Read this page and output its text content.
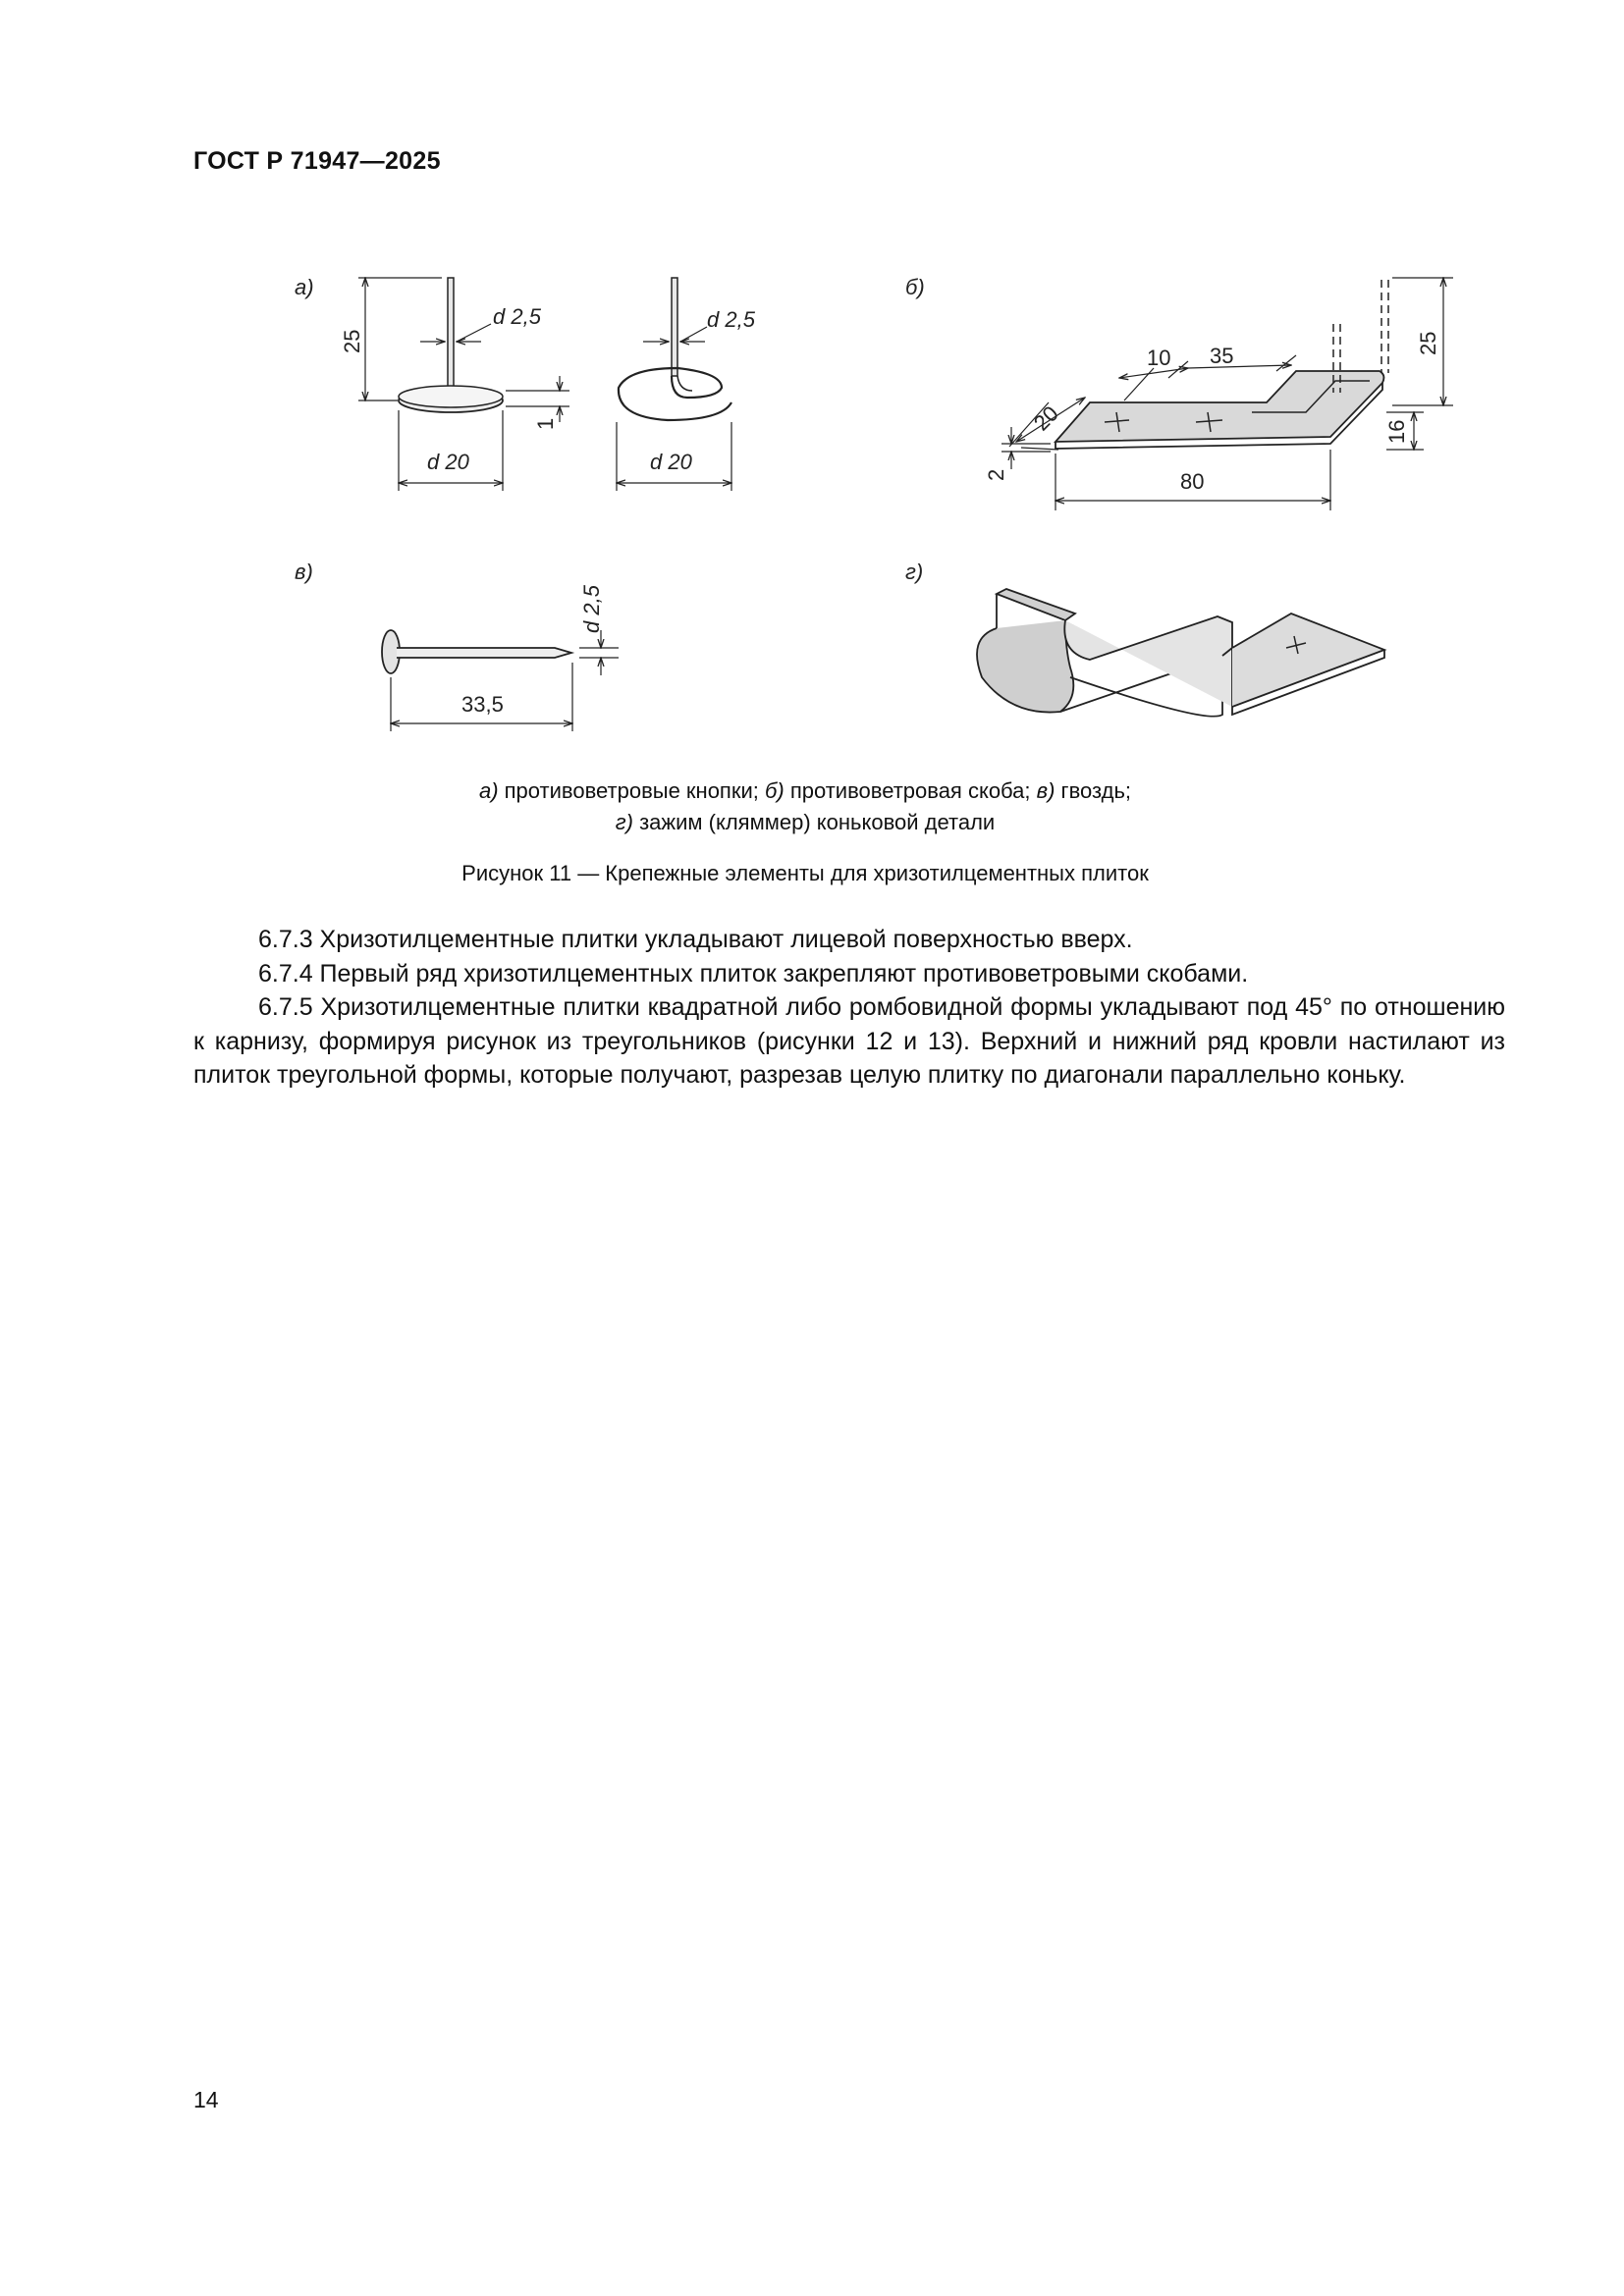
ГОСТ Р 71947—2025
а)
25
d 2,5
1
d 20
d 2,5
d 20
б)
10 35
25
20	16
2	80
в)
d 2,5
33,5
г)
а) противоветровые кнопки; б) противоветровая скоба; в) гвоздь;
г) зажим (кляммер) коньковой детали
Рисунок 11 — Крепежные элементы для хризотилцементных плиток

6.7.3 Хризотилцементные плитки укладывают лицевой поверхностью вверх.

6.7.4 Первый ряд хризотилцементных плиток закрепляют противоветровыми скобами.

6.7.5 Хризотилцементные плитки квадратной либо ромбовидной формы укладывают под 45° по отношению к карнизу, формируя рисунок из треугольников (рисунки 12 и 13). Верхний и нижний ряд кровли настилают из плиток треугольной формы, которые получают, разрезав целую плитку по диагонали параллельно коньку.

14
